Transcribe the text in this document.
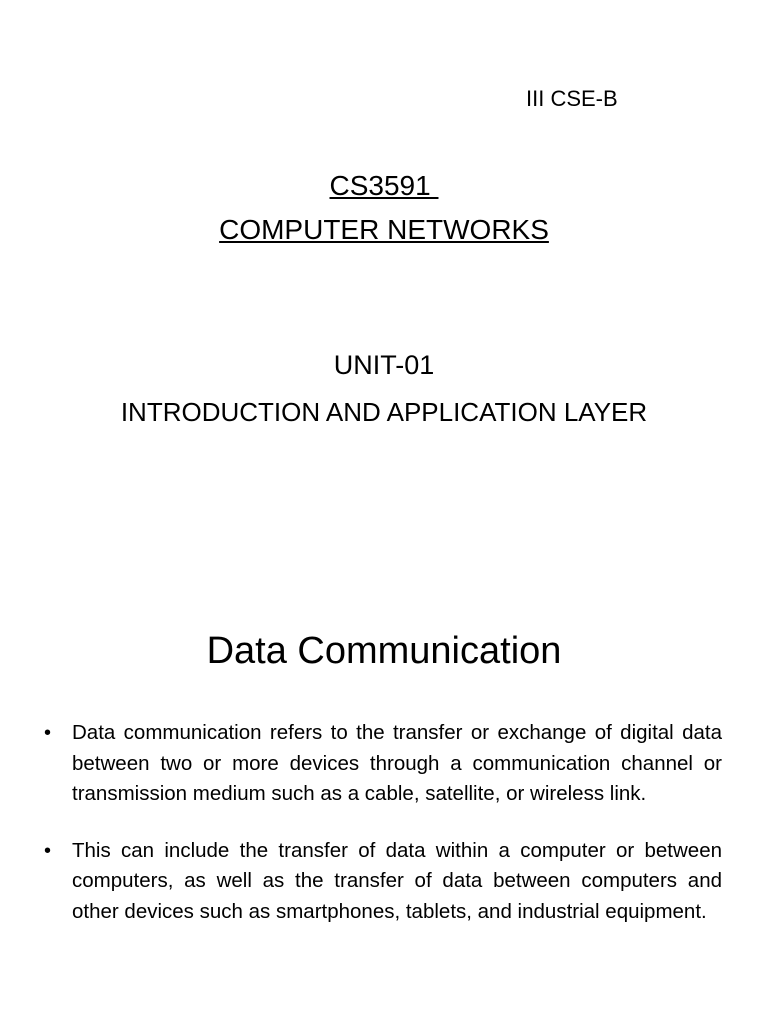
III CSE-B
CS3591
COMPUTER NETWORKS
UNIT-01
INTRODUCTION AND APPLICATION LAYER
Data Communication
• Data communication refers to the transfer or exchange of digital data between two or more devices through a communication channel or transmission medium such as a cable, satellite, or wireless link.
• This can include the transfer of data within a computer or between computers, as well as the transfer of data between computers and other devices such as smartphones, tablets, and industrial equipment.
